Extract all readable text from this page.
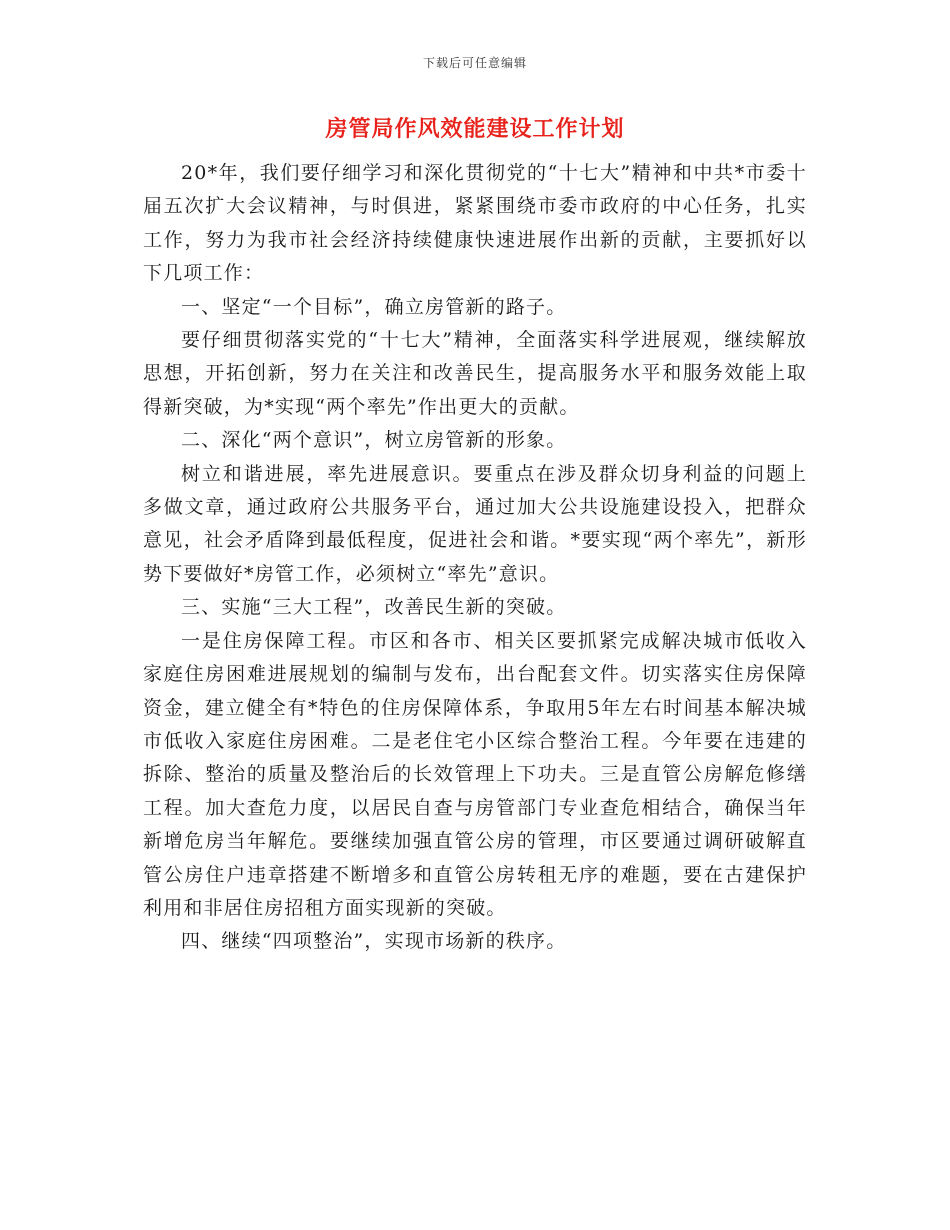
下载后可任意编辑
房管局作风效能建设工作计划

20*年，我们要仔细学习和深化贯彻党的“十七大”精神和中共*市委十届五次扩大会议精神，与时俱进，紧紧围绕市委市政府的中心任务，扎实工作，努力为我市社会经济持续健康快速进展作出新的贡献，主要抓好以下几项工作：

一、坚定“一个目标”，确立房管新的路子。

要仔细贯彻落实党的“十七大”精神，全面落实科学进展观，继续解放思想，开拓创新，努力在关注和改善民生，提高服务水平和服务效能上取得新突破，为*实现“两个率先”作出更大的贡献。

二、深化“两个意识”，树立房管新的形象。

树立和谐进展，率先进展意识。要重点在涉及群众切身利益的问题上多做文章，通过政府公共服务平台，通过加大公共设施建设投入，把群众意见，社会矛盾降到最低程度，促进社会和谐。*要实现“两个率先”，新形势下要做好*房管工作，必须树立“率先”意识。

三、实施“三大工程”，改善民生新的突破。

一是住房保障工程。市区和各市、相关区要抓紧完成解决城市低收入家庭住房困难进展规划的编制与发布，出台配套文件。切实落实住房保障资金，建立健全有*特色的住房保障体系，争取用5年左右时间基本解决城市低收入家庭住房困难。二是老住宅小区综合整治工程。今年要在违建的拆除、整治的质量及整治后的长效管理上下功夫。三是直管公房解危修缮工程。加大查危力度，以居民自查与房管部门专业查危相结合，确保当年新增危房当年解危。要继续加强直管公房的管理，市区要通过调研破解直管公房住户违章搭建不断增多和直管公房转租无序的难题，要在古建保护利用和非居住房招租方面实现新的突破。

四、继续“四项整治”，实现市场新的秩序。
